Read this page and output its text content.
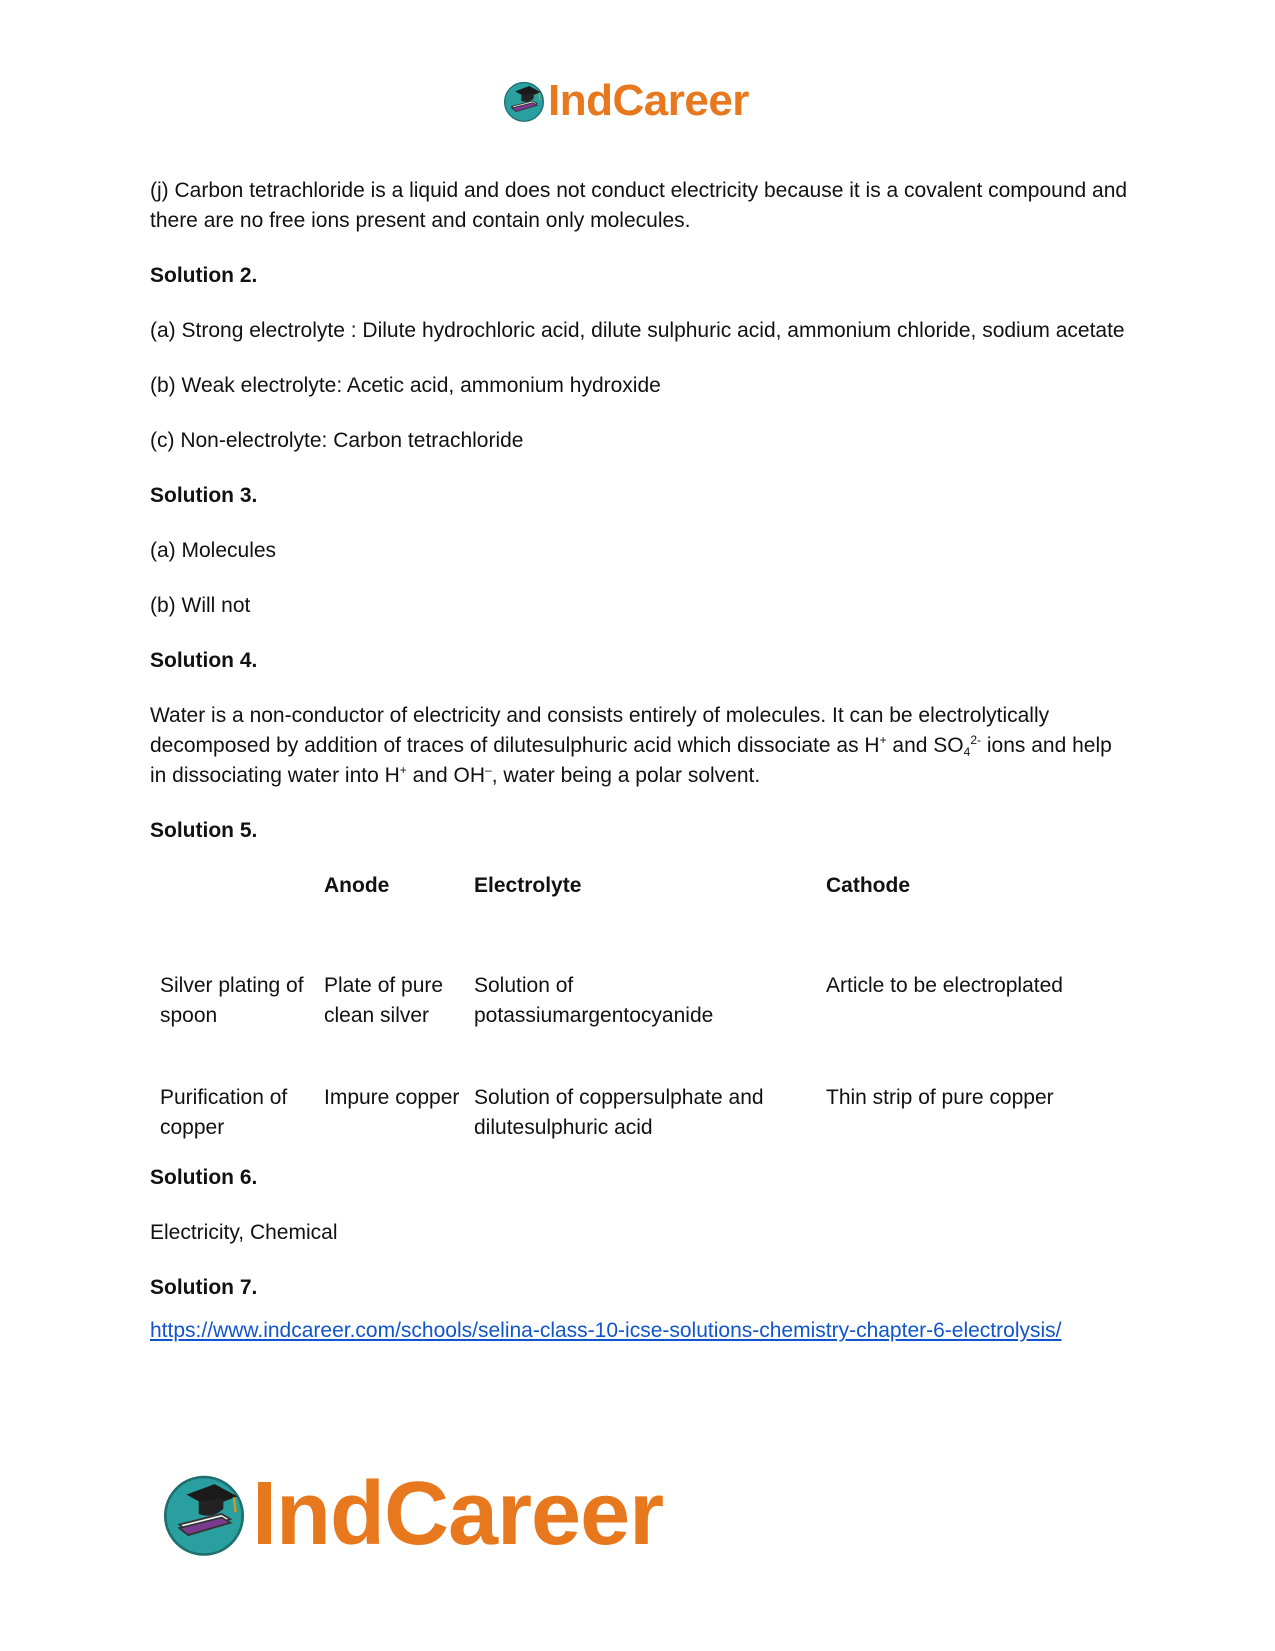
IndCareer

(j) Carbon tetrachloride is a liquid and does not conduct electricity because it is a covalent compound and there are no free ions present and contain only molecules.

Solution 2.

(a) Strong electrolyte : Dilute hydrochloric acid, dilute sulphuric acid, ammonium chloride, sodium acetate

(b) Weak electrolyte: Acetic acid, ammonium hydroxide

(c) Non-electrolyte: Carbon tetrachloride

Solution 3.

(a) Molecules

(b) Will not

Solution 4.

Water is a non-conductor of electricity and consists entirely of molecules. It can be electrolytically decomposed by addition of traces of dilutesulphuric acid which dissociate as H+ and $SO_4^{2-}$ ions and help in dissociating water into H+ and OH–, water being a polar solvent.

Solution 5.

Anode	Electrolyte	Cathode
Silver plating of spoon
Plate of pure clean silver
Solution of potassiumargentocyanide
Article to be electroplated
Purification of copper
Impure copper Solution of coppersulphate and dilutesulphuric acid
Thin strip of pure copper

Solution 6.

Electricity, Chemical

Solution 7.

https://www.indcareer.com/schools/selina-class-10-icse-solutions-chemistry-chapter-6-electrolysis/
IndCareer
